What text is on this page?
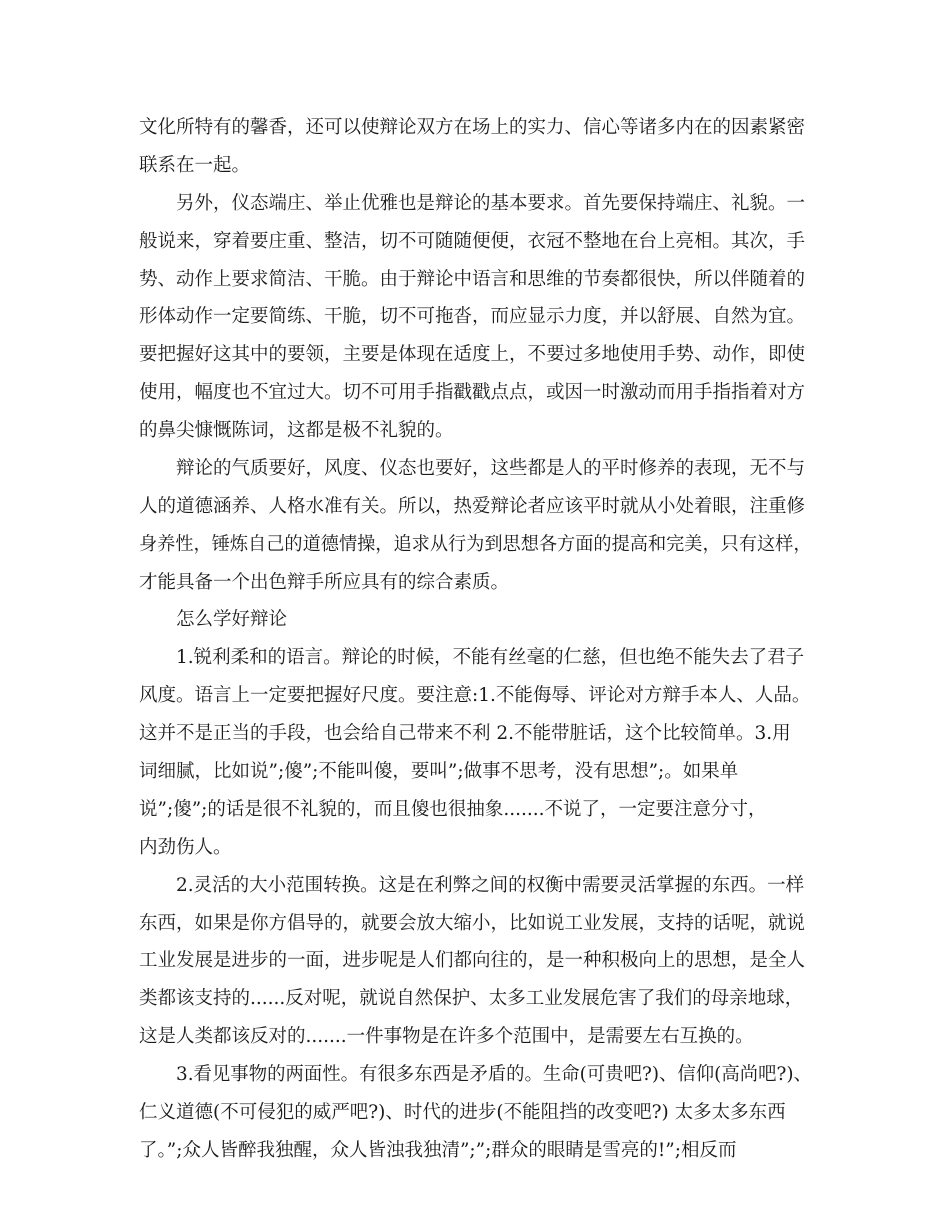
文化所特有的馨香，还可以使辩论双方在场上的实力、信心等诸多内在的因素紧密
联系在一起。
另外，仪态端庄、举止优雅也是辩论的基本要求。首先要保持端庄、礼貌。一
般说来，穿着要庄重、整洁，切不可随随便便，衣冠不整地在台上亮相。其次，手
势、动作上要求简洁、干脆。由于辩论中语言和思维的节奏都很快，所以伴随着的
形体动作一定要简练、干脆，切不可拖沓，而应显示力度，并以舒展、自然为宜。
要把握好这其中的要领，主要是体现在适度上，不要过多地使用手势、动作，即使
使用，幅度也不宜过大。切不可用手指戳戳点点，或因一时激动而用手指指着对方
的鼻尖慷慨陈词，这都是极不礼貌的。
辩论的气质要好，风度、仪态也要好，这些都是人的平时修养的表现，无不与
人的道德涵养、人格水准有关。所以，热爱辩论者应该平时就从小处着眼，注重修
身养性，锤炼自己的道德情操，追求从行为到思想各方面的提高和完美，只有这样，
才能具备一个出色辩手所应具有的综合素质。
怎么学好辩论
1.锐利柔和的语言。辩论的时候，不能有丝毫的仁慈，但也绝不能失去了君子
风度。语言上一定要把握好尺度。要注意:1.不能侮辱、评论对方辩手本人、人品。
这并不是正当的手段，也会给自己带来不利 2.不能带脏话，这个比较简单。3.用
词细腻，比如说”;傻”;不能叫傻，要叫”;做事不思考，没有思想”;。如果单
说”;傻”;的话是很不礼貌的，而且傻也很抽象.......不说了，一定要注意分寸，
内劲伤人。
2.灵活的大小范围转换。这是在利弊之间的权衡中需要灵活掌握的东西。一样
东西，如果是你方倡导的，就要会放大缩小，比如说工业发展，支持的话呢，就说
工业发展是进步的一面，进步呢是人们都向往的，是一种积极向上的思想，是全人
类都该支持的......反对呢，就说自然保护、太多工业发展危害了我们的母亲地球，
这是人类都该反对的.......一件事物是在许多个范围中，是需要左右互换的。
3.看见事物的两面性。有很多东西是矛盾的。生命(可贵吧?)、信仰(高尚吧?)、
仁义道德(不可侵犯的威严吧?)、时代的进步(不能阻挡的改变吧?) 太多太多东西
了。”;众人皆醉我独醒，众人皆浊我独清”;”;群众的眼睛是雪亮的!”;相反而
